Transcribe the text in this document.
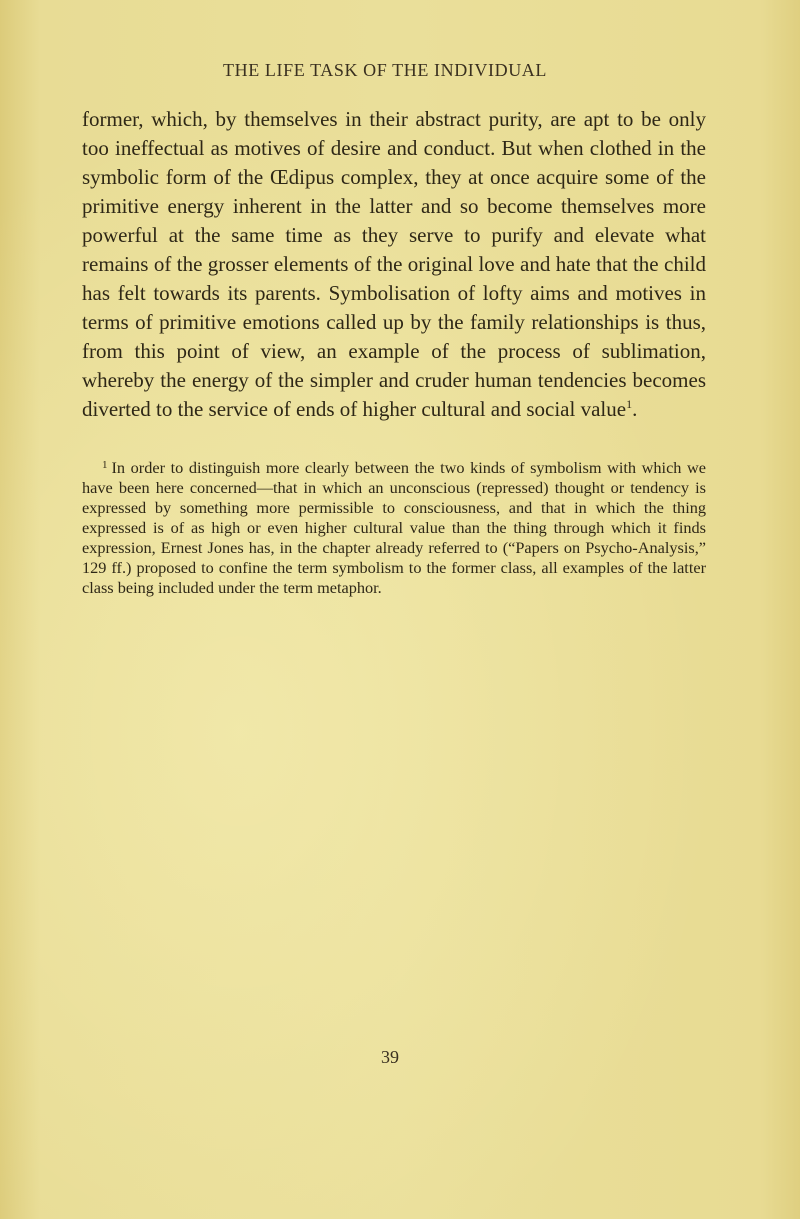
THE LIFE TASK OF THE INDIVIDUAL
former, which, by themselves in their abstract purity, are apt to be only too ineffectual as motives of desire and conduct. But when clothed in the symbolic form of the Œdipus complex, they at once acquire some of the primitive energy inherent in the latter and so become themselves more powerful at the same time as they serve to purify and elevate what remains of the grosser elements of the original love and hate that the child has felt towards its parents. Symbolisation of lofty aims and motives in terms of primitive emotions called up by the family relationships is thus, from this point of view, an example of the process of sublimation, whereby the energy of the simpler and cruder human tendencies becomes diverted to the service of ends of higher cultural and social value$^1$.
$^1$ In order to distinguish more clearly between the two kinds of symbolism with which we have been here concerned—that in which an unconscious (repressed) thought or tendency is expressed by something more permissible to consciousness, and that in which the thing expressed is of as high or even higher cultural value than the thing through which it finds expression, Ernest Jones has, in the chapter already referred to (“Papers on Psycho-Analysis,” 129 ff.) proposed to confine the term symbolism to the former class, all examples of the latter class being included under the term metaphor.
39
